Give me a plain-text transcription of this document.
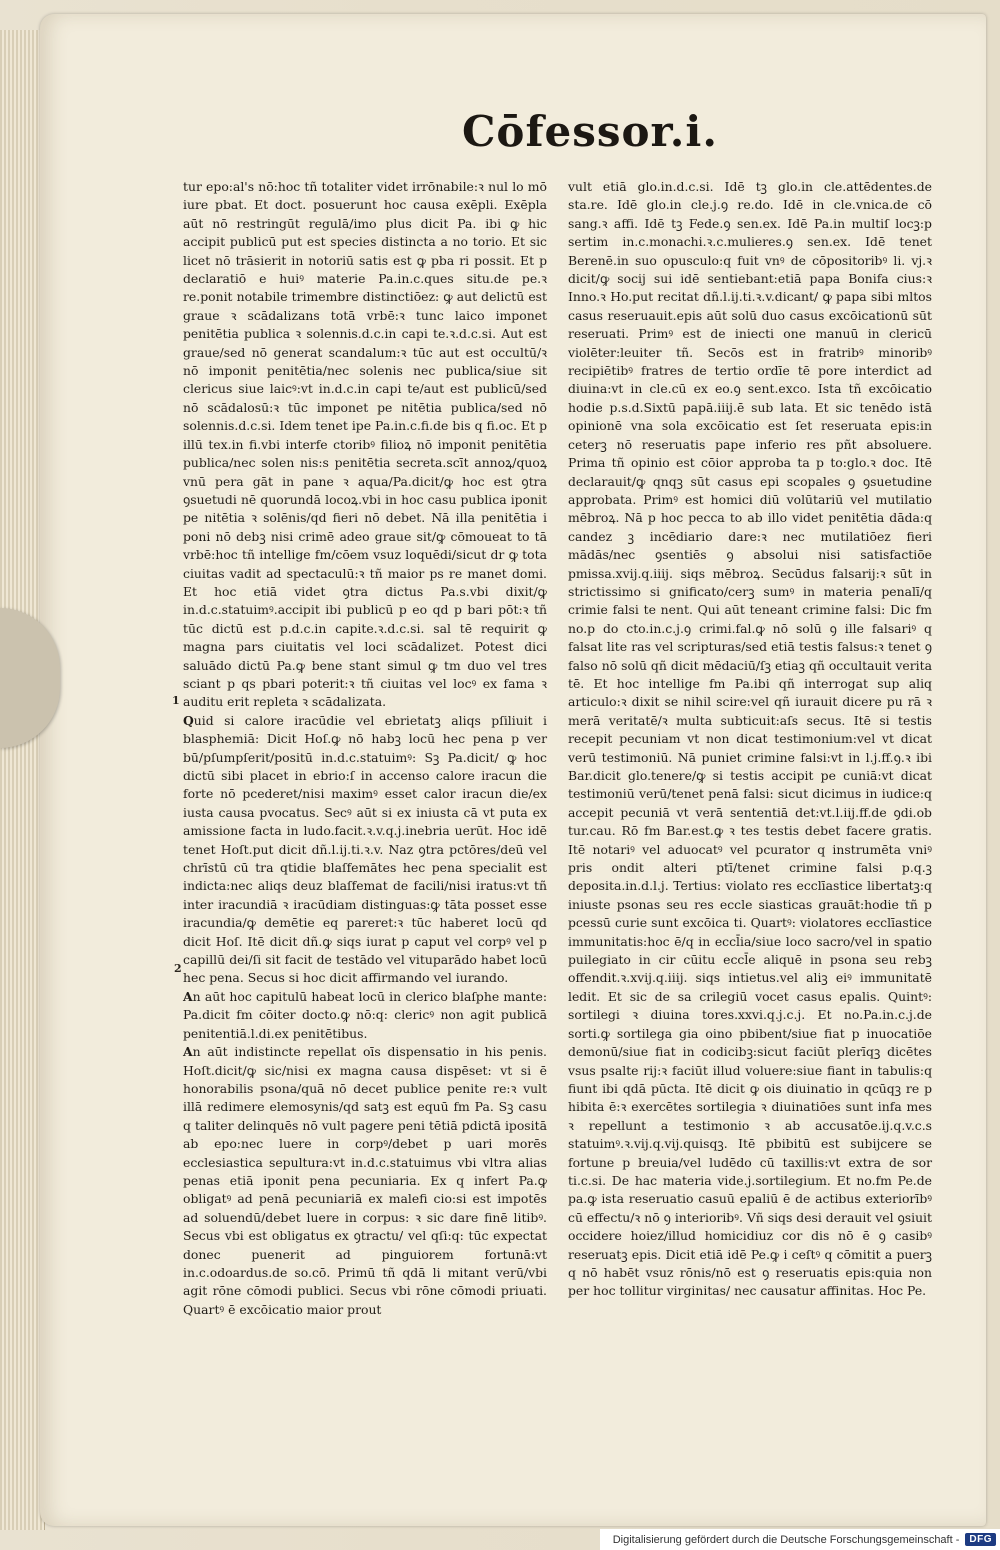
Cōfessor.i.
1
2

tur epo:al's nō:hoc tñ totaliter videt irrōnabile:ꝛ nul lo mō iure pbat. Et doct. posuerunt hoc causa exēpli. Exēpla aūt nō restringūt regulā/imo plus dicit Pa. ibi ꝙ hic accipit publicū put est species distincta a no torio. Et sic licet nō trāsierit in notoriū satis est ꝙ pba ri possit. Et p declaratiō e huiꝰ materie Pa.in.c.ques situ.de pe.ꝛ re.ponit notabile trimembre distinctiōez: ꝙ aut delictū est graue ꝛ scādalizans totā vrbē:ꝛ tunc laico imponet penitētia publica ꝛ solennis.d.c.in capi te.ꝛ.d.c.si. Aut est graue/sed nō generat scandalum:ꝛ tūc aut est occultū/ꝛ nō imponit penitētia/nec solenis nec publica/siue sit clericus siue laicꝰ:vt in.d.c.in capi te/aut est publicū/sed nō scādalosū:ꝛ tūc imponet pe nitētia publica/sed nō solennis.d.c.si. Idem tenet ipe Pa.in.c.fi.de bis q fi.oc. Et p illū tex.in fi.vbi interfe ctoribꝰ filioꝝ nō imponit penitētia publica/nec solen nis:s penitētia secreta.scīt annoꝝ/quoꝝ vnū pera gāt in pane ꝛ aqua/Pa.dicit/ꝙ hoc est ꝯtra ꝯsuetudi nē quorundā locoꝝ.vbi in hoc casu publica iponit pe nitētia ꝛ solēnis/qd fieri nō debet. Nā illa penitētia i poni nō debꝫ nisi crimē adeo graue sit/ꝙ cōmoueat to tā vrbē:hoc tñ intellige fm/cōem vsuz loquēdi/sicut dr ꝙ tota ciuitas vadit ad spectaculū:ꝛ tñ maior ps re manet domi. Et hoc etiā videt ꝯtra dictus Pa.s.vbi dixit/ꝙ in.d.c.statuimꝰ.accipit ibi publicū p eo qd p bari pōt:ꝛ tñ tūc dictū est p.d.c.in capite.ꝛ.d.c.si. sal tē requirit ꝙ magna pars ciuitatis vel loci scādalizet. Potest dici saluādo dictū Pa.ꝙ bene stant simul ꝙ tm duo vel tres sciant p qs pbari poterit:ꝛ tñ ciuitas vel locꝰ ex fama ꝛ auditu erit repleta ꝛ scādalizata.

Quid si calore iracūdie vel ebrietatꝫ aliqs pſiliuit i blasphemiā: Dicit Hoſ.ꝙ nō habꝫ locū hec pena p ver bū/pſumpſerit/positū in.d.c.statuimꝰ: Sꝫ Pa.dicit/ ꝙ hoc dictū sibi placet in ebrio:ſ in accenso calore iracun die forte nō pcederet/nisi maximꝰ esset calor iracun die/ex iusta causa pvocatus. Secꝰ aūt si ex iniusta cā vt puta ex amissione facta in ludo.facit.ꝛ.v.q.j.inebria uerūt. Hoc idē tenet Hoſt.put dicit dñ.l.ij.ti.ꝛ.v. Naz ꝯtra pctōres/deū vel chrīstū cū tra qtidie blaſfemātes hec pena specialit est indicta:nec aliqs deuz blaſfemat de facili/nisi iratus:vt tñ inter iracundiā ꝛ iracūdiam distinguas:ꝙ tāta posset esse iracundia/ꝙ demētie eq pareret:ꝛ tūc haberet locū qd dicit Hoſ. Itē dicit dñ.ꝙ siqs iurat p caput vel corpꝰ vel p capillū dei/ſi sit facit de testādo vel vituparādo habet locū hec pena. Secus si hoc dicit affirmando vel iurando.

An aūt hoc capitulū habeat locū in clerico blaſphe mante: Pa.dicit fm cōiter docto.ꝙ nō:q: clericꝰ non agit publicā penitentiā.l.di.ex penitētibus.

An aūt indistincte repellat oīs dispensatio in his penis. Hoſt.dicit/ꝙ sic/nisi ex magna causa dispēset: vt si ē honorabilis psona/quā nō decet publice penite re:ꝛ vult illā redimere elemosynis/qd satꝫ est equū fm Pa. Sꝫ casu q taliter delinquēs nō vult pagere peni tētiā pdictā ipositā ab epo:nec luere in corpꝰ/debet p uari morēs ecclesiastica sepultura:vt in.d.c.statuimus vbi vltra alias penas etiā iponit pena pecuniaria. Ex q infert Pa.ꝙ obligatꝰ ad penā pecuniariā ex malefi cio:si est impotēs ad soluendū/debet luere in corpus: ꝛ sic dare finē litibꝰ. Secus vbi est obligatus ex ꝯtractu/ vel qſi:q: tūc expectat donec puenerit ad pinguiorem fortunā:vt in.c.odoardus.de so.cō. Primū tñ qdā li mitant verū/vbi agit rōne cōmodi publici. Secus vbi rōne cōmodi priuati. Quartꝰ ē excōicatio maior prout

vult etiā glo.in.d.c.si. Idē tꝫ glo.in cle.attēdentes.de sta.re. Idē glo.in cle.j.ꝯ re.do. Idē in cle.vnica.de cō sang.ꝛ affi. Idē tꝫ Fede.ꝯ sen.ex. Idē Pa.in multiſ locꝫ:p sertim in.c.monachi.ꝛ.c.mulieres.ꝯ sen.ex. Idē tenet Berenē.in suo opusculo:q fuit vnꝰ de cōpositoribꝰ li. vj.ꝛ dicit/ꝙ socij sui idē sentiebant:etiā papa Bonifa cius:ꝛ Inno.ꝛ Ho.put recitat dñ.l.ij.ti.ꝛ.v.dicant/ ꝙ papa sibi mltos casus reseruauit.epis aūt solū duo casus excōicationū sūt reseruati. Primꝰ est de iniecti one manuū in clericū violēter:leuiter tñ. Secōs est in fratribꝰ minoribꝰ recipiētibꝰ fratres de tertio ordīe tē pore interdict ad diuina:vt in cle.cū ex eo.ꝯ sent.exco. Ista tñ excōicatio hodie p.s.d.Sixtū papā.iiij.ē sub lata. Et sic tenēdo istā opinionē vna sola excōicatio est ſet reseruata epis:in ceterꝫ nō reseruatis pape inferio res pñt absoluere. Prima tñ opinio est cōior approba ta p to:glo.ꝛ doc. Itē declarauit/ꝙ qnqꝫ sūt casus epi scopales ꝯ ꝯsuetudine approbata. Primꝰ est homici diū volūtariū vel mutilatio mēbroꝝ. Nā p hoc pecca to ab illo videt penitētia dāda:q candez ꝫ incēdiario dare:ꝛ nec mutilatiōez fieri mādās/nec ꝯsentiēs ꝯ absolui nisi satisfactiōe pmissa.xvij.q.iiij. siqs mēbroꝝ. Secūdus falsarij:ꝛ sūt in strictissimo si gnificato/cerꝫ sumꝰ in materia penalī/q crimie falsi te nent. Qui aūt teneant crimine falsi: Dic fm no.p do cto.in.c.j.ꝯ crimi.fal.ꝙ nō solū ꝯ ille falsariꝰ q falsat lite ras vel scripturas/sed etiā testis falsus:ꝛ tenet ꝯ falso nō solū qñ dicit mēdaciū/ſꝫ etiaꝫ qñ occultauit verita tē. Et hoc intellige fm Pa.ibi qñ interrogat sup aliq articulo:ꝛ dixit se nihil scire:vel qñ iurauit dicere pu rā ꝛ merā veritatē/ꝛ multa subticuit:aſs secus. Itē si testis recepit pecuniam vt non dicat testimonium:vel vt dicat verū testimoniū. Nā puniet crimine falsi:vt in l.j.ff.ꝯ.ꝛ ibi Bar.dicit glo.tenere/ꝙ si testis accipit pe cuniā:vt dicat testimoniū verū/tenet penā falsi: sicut dicimus in iudice:q accepit pecuniā vt verā sententiā det:vt.l.iij.ff.de ꝯdi.ob tur.cau. Rō fm Bar.est.ꝙ ꝛ tes testis debet facere gratis. Itē notariꝰ vel aduocatꝰ vel pcurator q instrumēta vniꝰ pris ondit alteri ptī/tenet crimine falsi p.q.ꝫ deposita.in.d.l.j. Tertius: violato res ecclīastice libertatꝫ:q iniuste psonas seu res eccle siasticas grauāt:hodie tñ p pcessū curie sunt excōica ti. Quartꝰ: violatores ecclīastice immunitatis:hoc ē/q in eccl̄ia/siue loco sacro/vel in spatio puilegiato in cir cūitu eccl̄e aliquē in psona seu rebꝫ offendit.ꝛ.xvij.q.iiij. siqs intietus.vel aliꝫ eiꝰ immunitatē ledit. Et sic de sa crilegiū vocet casus epalis. Quintꝰ: sortilegi ꝛ diuina tores.xxvi.q.j.c.j. Et no.Pa.in.c.j.de sorti.ꝙ sortilega gia oino pbibent/siue fiat p inuocatiōe demonū/siue fiat in codicibꝫ:sicut faciūt plerīqꝫ dicētes vsus psalte rij:ꝛ faciūt illud voluere:siue fiant in tabulis:q fiunt ibi qdā pūcta. Itē dicit ꝙ ois diuinatio in qcūqꝫ re p hibita ē:ꝛ exercētes sortilegia ꝛ diuinatiōes sunt infa mes ꝛ repellunt a testimonio ꝛ ab accusatōe.ij.q.v.c.s statuimꝰ.ꝛ.vij.q.vij.quisqꝫ. Itē pbibitū est subijcere se fortune p breuia/vel ludēdo cū taxillis:vt extra de sor ti.c.si. De hac materia vide.j.sortilegium. Et no.fm Pe.de pa.ꝙ ista reseruatio casuū epaliū ē de actibus exteriorībꝰ cū effectu/ꝛ nō ꝯ interioribꝰ. Vñ siqs desi derauit vel ꝯsiuit occidere hoiez/illud homicidiuz cor dis nō ē ꝯ casibꝰ reseruatꝫ epis. Dicit etiā idē Pe.ꝙ i ceſtꝰ q cōmitit a puerꝫ q nō habēt vsuz rōnis/nō est ꝯ reseruatis epis:quia non per hoc tollitur virginitas/ nec causatur affinitas. Hoc Pe.

Digitalisierung gefördert durch die Deutsche Forschungsgemeinschaft -	DFG
